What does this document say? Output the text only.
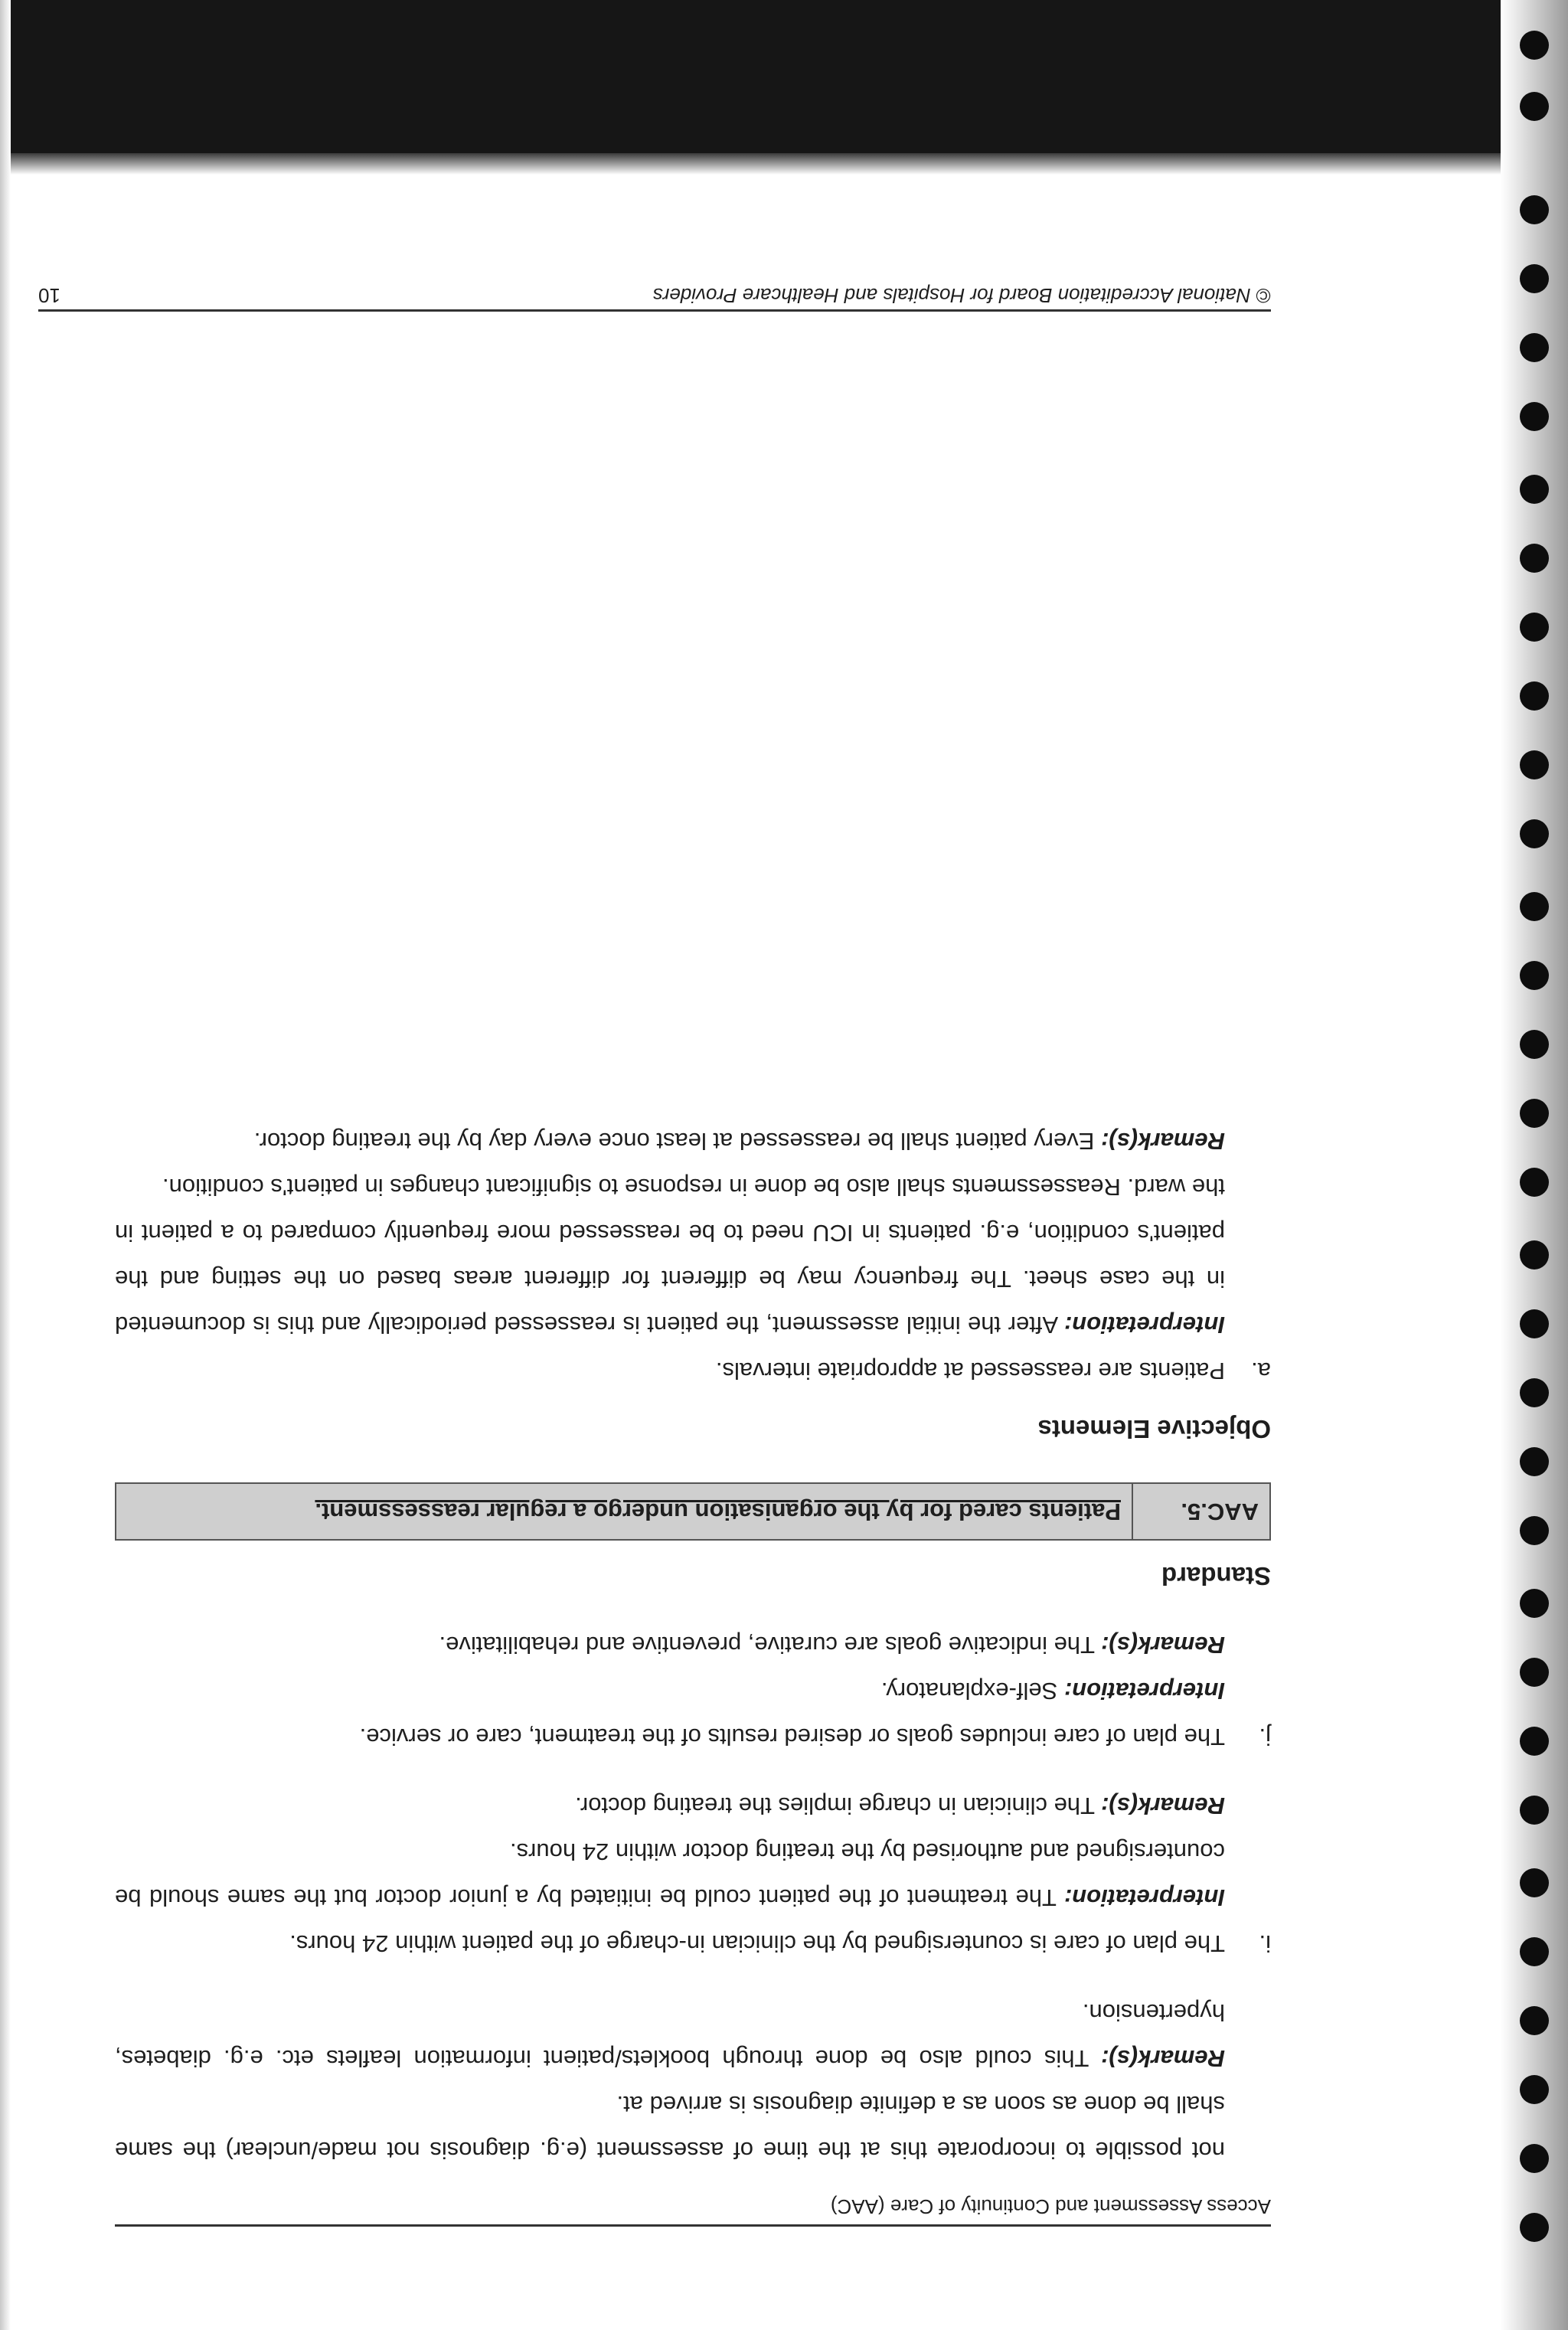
Access Assessment and Continuity of Care (AAC)

not possible to incorporate this at the time of assessment (e.g. diagnosis not made/unclear) the same shall be done as soon as a definite diagnosis is arrived at.

Remark(s): This could also be done through booklets/patient information leaflets etc. e.g. diabetes, hypertension.

i.

The plan of care is countersigned by the clinician in-charge of the patient within 24 hours.

Interpretation: The treatment of the patient could be initiated by a junior doctor but the same should be countersigned and authorised by the treating doctor within 24 hours.

Remark(s): The clinician in charge implies the treating doctor.

j.

The plan of care includes goals or desired results of the treatment, care or service.

Interpretation: Self-explanatory.

Remark(s): The indicative goals are curative, preventive and rehabilitative.

Standard
AAC.5.
Patients cared for by the organisation undergo a regular reassessment.
Objective Elements
a.

Patients are reassessed at appropriate intervals.

Interpretation: After the initial assessment, the patient is reassessed periodically and this is documented in the case sheet. The frequency may be different for different areas based on the setting and the patient's condition, e.g. patients in ICU need to be reassessed more frequently compared to a patient in the ward. Reassessments shall also be done in response to significant changes in patient's condition.

Remark(s): Every patient shall be reassessed at least once every day by the treating doctor.

© National Accreditation Board for Hospitals and Healthcare Providers
10
